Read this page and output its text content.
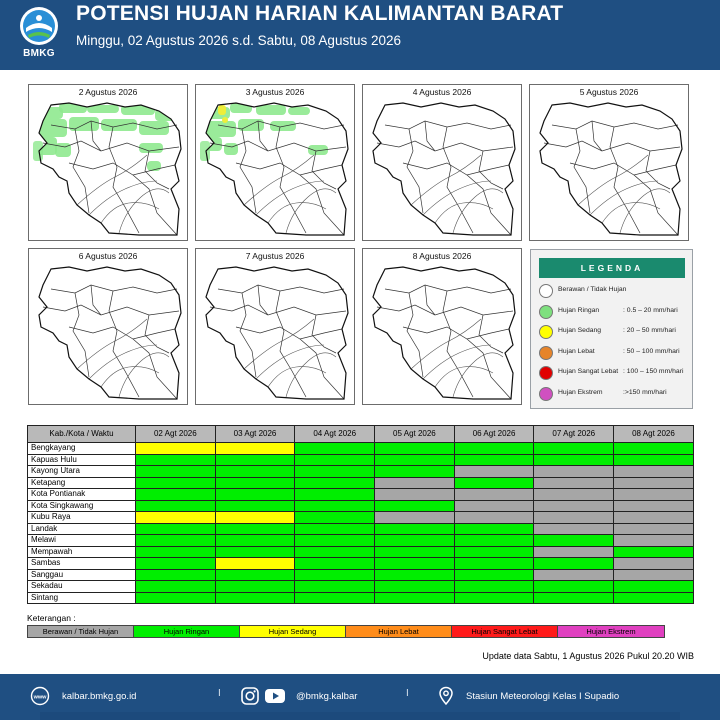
BMKG
POTENSI HUJAN HARIAN KALIMANTAN BARAT
Minggu, 02 Agustus 2026 s.d. Sabtu, 08 Agustus 2026
2 Agustus 2026	3 Agustus 2026	4 Agustus 2026	5 Agustus 2026
6 Agustus 2026	7 Agustus 2026	8 Agustus 2026
LEGENDA
Berawan / Tidak Hujan
Hujan Ringan	: 0.5 – 20 mm/hari
Hujan Sedang	: 20 – 50 mm/hari
Hujan Lebat	: 50 – 100 mm/hari
Hujan Sangat Lebat : 100 – 150 mm/hari
Hujan Ekstrem	:>150 mm/hari
Kab./Kota / Waktu	02 Agt 2026	03 Agt 2026	04 Agt 2026	05 Agt 2026	06 Agt 2026	07 Agt 2026	08 Agt 2026
Bengkayang							
Kapuas Hulu							
Kayong Utara							
Ketapang							
Kota Pontianak							
Kota Singkawang							
Kubu Raya							
Landak							
Melawi							
Mempawah							
Sambas							
Sanggau							
Sekadau							
Sintang							
Keterangan :
Berawan / Tidak Hujan	Hujan Ringan	Hujan Sedang	Hujan Lebat	Hujan Sangat Lebat	Hujan Ekstrem
Update data Sabtu, 1 Agustus 2026 Pukul 20.20 WIB
www kalbar.bmkg.go.id	I	@bmkg.kalbar	I	Stasiun Meteorologi Kelas I Supadio
